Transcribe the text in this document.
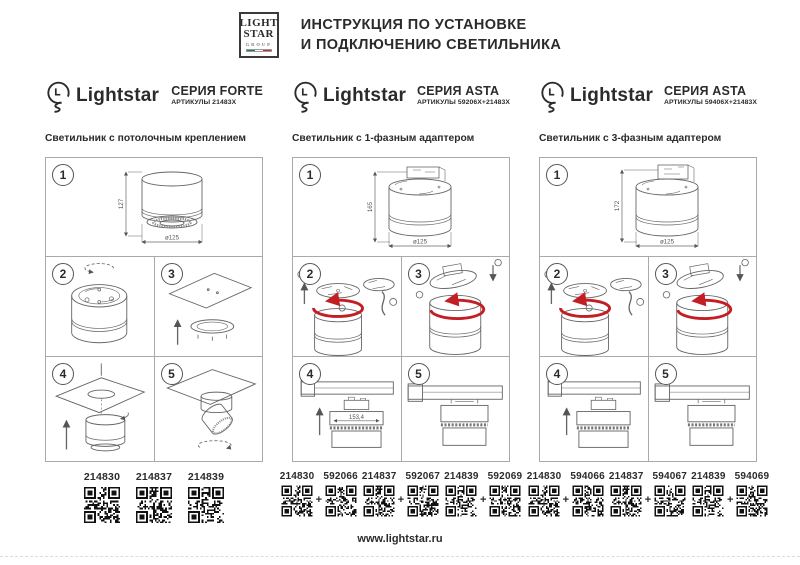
LIGHT
STAR
GROUP
ИНСТРУКЦИЯ ПО УСТАНОВКЕ
И ПОДКЛЮЧЕНИЮ СВЕТИЛЬНИКА
Lightstar СЕРИЯ FORTE
АРТИКУЛЫ 21483Х
Светильник с потолочным креплением
1
127
ø125
2	3
4	5
214830 214837 214839
Lightstar СЕРИЯ ASTA
АРТИКУЛЫ 59206Х+21483Х
Светильник с 1-фазным адаптером
1
165
ø125
2	3
4
153,4
5
214830
+
592066 214837
+
592067 214839
+
592069
Lightstar СЕРИЯ ASTA
АРТИКУЛЫ 59406Х+21483Х
Светильник с 3-фазным адаптером
1
172
ø125
2	3
4	5
214830
+
594066 214837
+
594067 214839
+
594069
www.lightstar.ru
